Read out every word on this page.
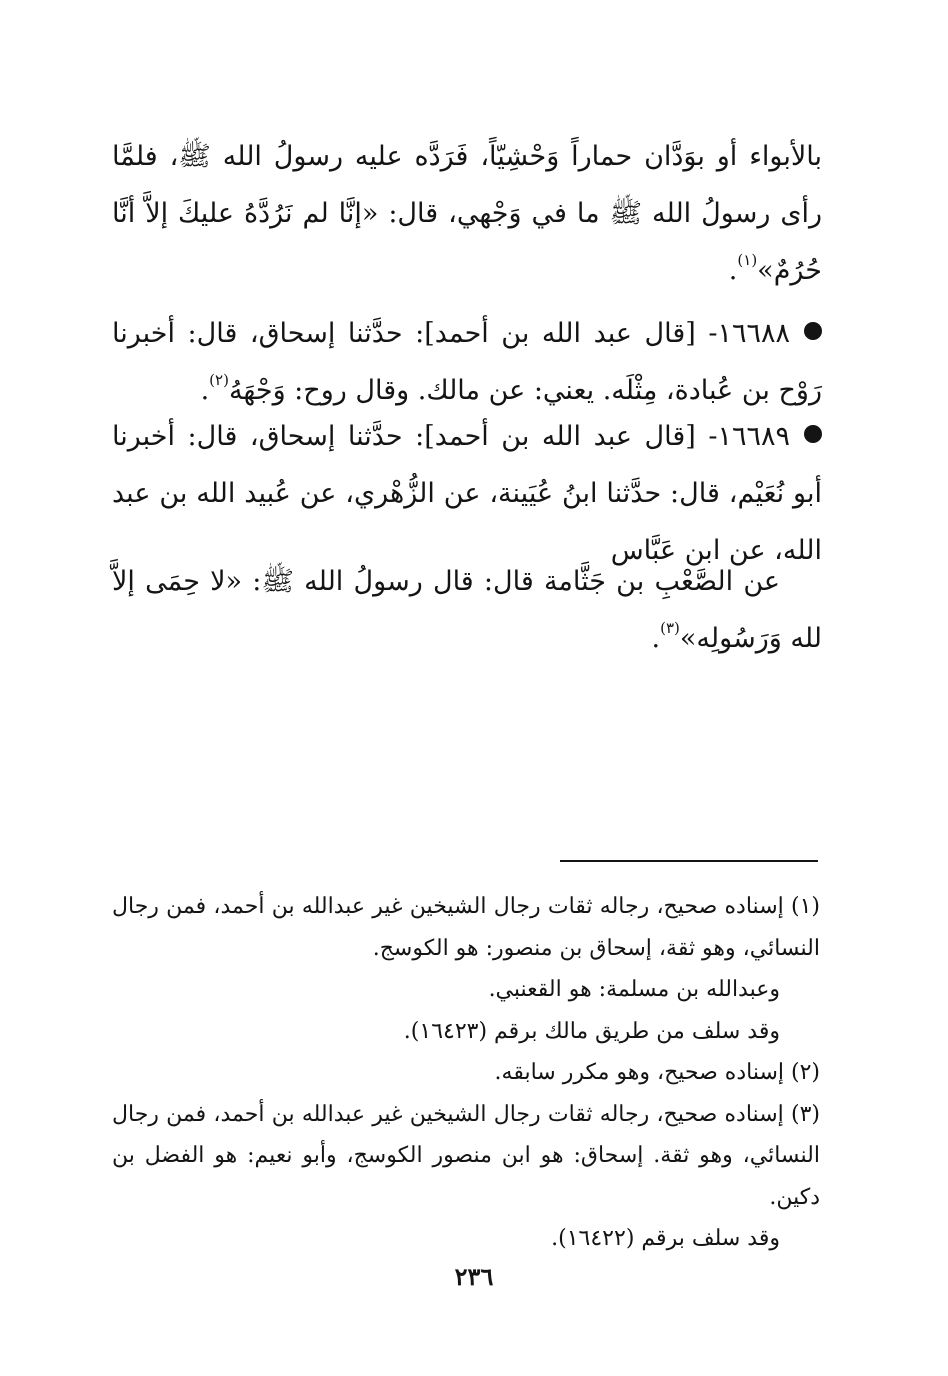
بالأبواء أو بوَدَّان حماراً وَحْشِيّاً، فَرَدَّه عليه رسولُ الله ﷺ، فلمَّا رأى رسولُ الله ﷺ ما في وَجْهي، قال: «إنَّا لم نَرُدَّهُ عليكَ إلاَّ أنَّا حُرُمٌ»$^{(١)}$.

١٦٦٨٨- [قال عبد الله بن أحمد]: حدَّثنا إسحاق، قال: أخبرنا رَوْح بن عُبادة، مِثْلَه. يعني: عن مالك. وقال روح: وَجْهَهُ$^{(٢)}$.

١٦٦٨٩- [قال عبد الله بن أحمد]: حدَّثنا إسحاق، قال: أخبرنا أبو نُعَيْم، قال: حدَّثنا ابنُ عُيَينة، عن الزُّهْري، عن عُبيد الله بن عبد الله، عن ابن عَبَّاس

عن الصَّعْبِ بن جَثَّامة قال: قال رسولُ الله ﷺ: «لا حِمَى إلاَّ لله وَرَسُولِه»$^{(٣)}$.

(١) إسناده صحيح، رجاله ثقات رجال الشيخين غير عبدالله بن أحمد، فمن رجال النسائي، وهو ثقة، إسحاق بن منصور: هو الكوسج.

وعبدالله بن مسلمة: هو القعنبي.

وقد سلف من طريق مالك برقم (١٦٤٢٣).

(٢) إسناده صحيح، وهو مكرر سابقه.

(٣) إسناده صحيح، رجاله ثقات رجال الشيخين غير عبدالله بن أحمد، فمن رجال النسائي، وهو ثقة. إسحاق: هو ابن منصور الكوسج، وأبو نعيم: هو الفضل بن دكين.

وقد سلف برقم (١٦٤٢٢).

٢٣٦
